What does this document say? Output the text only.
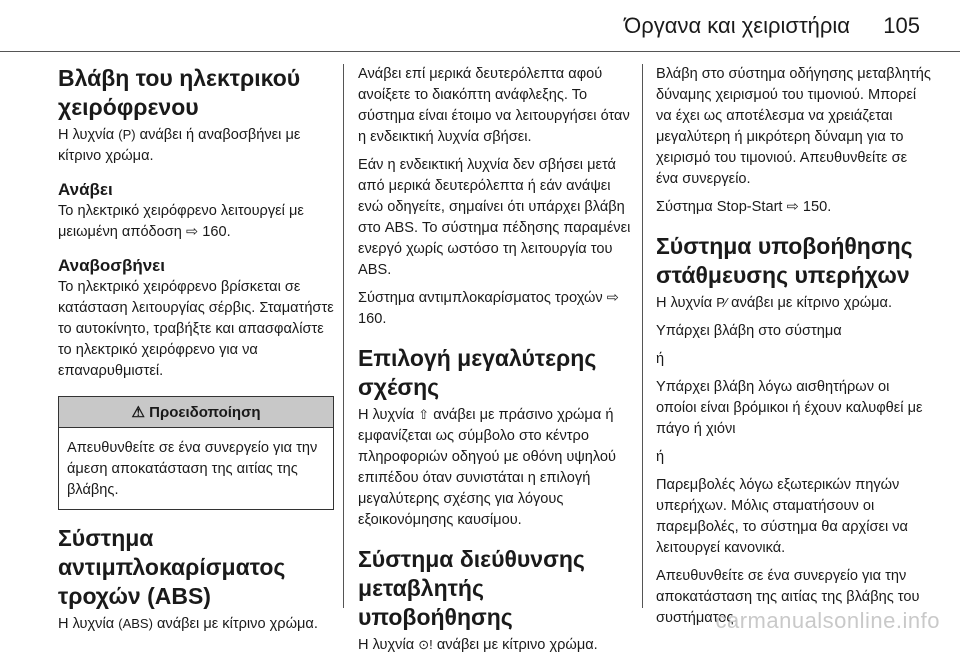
Όργανα και χειριστήρια 105
Βλάβη του ηλεκτρικού χειρόφρενου

Η λυχνία (P) ανάβει ή αναβοσβήνει με κίτρινο χρώμα.

Ανάβει

Το ηλεκτρικό χειρόφρενο λειτουργεί με μειωμένη απόδοση ⇨ 160.

Αναβοσβήνει

Το ηλεκτρικό χειρόφρενο βρίσκεται σε κατάσταση λειτουργίας σέρβις. Σταματήστε το αυτοκίνητο, τραβήξτε και απασφαλίστε το ηλεκτρικό χειρόφρενο για να επαναρυθμιστεί.

⚠ Προειδοποίηση

Απευθυνθείτε σε ένα συνεργείο για την άμεση αποκατάσταση της αιτίας της βλάβης.

Σύστημα αντιμπλοκαρίσματος τροχών (ABS)

Η λυχνία (ABS) ανάβει με κίτρινο χρώμα.

Ανάβει επί μερικά δευτερόλεπτα αφού ανοίξετε το διακόπτη ανάφλεξης. Το σύστημα είναι έτοιμο να λειτουργήσει όταν η ενδεικτική λυχνία σβήσει.

Εάν η ενδεικτική λυχνία δεν σβήσει μετά από μερικά δευτερόλεπτα ή εάν ανάψει ενώ οδηγείτε, σημαίνει ότι υπάρχει βλάβη στο ABS. Το σύστημα πέδησης παραμένει ενεργό χωρίς ωστόσο τη λειτουργία του ABS.

Σύστημα αντιμπλοκαρίσματος τροχών ⇨ 160.

Επιλογή μεγαλύτερης σχέσης

Η λυχνία ⇧ ανάβει με πράσινο χρώμα ή εμφανίζεται ως σύμβολο στο κέντρο πληροφοριών οδηγού με οθόνη υψηλού επιπέδου όταν συνιστάται η επιλογή μεγαλύτερης σχέσης για λόγους εξοικονόμησης καυσίμου.

Σύστημα διεύθυνσης μεταβλητής υποβοήθησης

Η λυχνία ⊙! ανάβει με κίτρινο χρώμα.

Βλάβη στο σύστημα οδήγησης μεταβλητής δύναμης χειρισμού του τιμονιού. Μπορεί να έχει ως αποτέλεσμα να χρειάζεται μεγαλύτερη ή μικρότερη δύναμη για το χειρισμό του τιμονιού. Απευθυνθείτε σε ένα συνεργείο.

Σύστημα Stop-Start ⇨ 150.

Σύστημα υποβοήθησης στάθμευσης υπερήχων

Η λυχνία P⁄ ανάβει με κίτρινο χρώμα.

Υπάρχει βλάβη στο σύστημα

ή

Υπάρχει βλάβη λόγω αισθητήρων οι οποίοι είναι βρόμικοι ή έχουν καλυφθεί με πάγο ή χιόνι

ή

Παρεμβολές λόγω εξωτερικών πηγών υπερήχων. Μόλις σταματήσουν οι παρεμβολές, το σύστημα θα αρχίσει να λειτουργεί κανονικά.

Απευθυνθείτε σε ένα συνεργείο για την αποκατάσταση της αιτίας της βλάβης του συστήματος.

carmanualsonline.info
